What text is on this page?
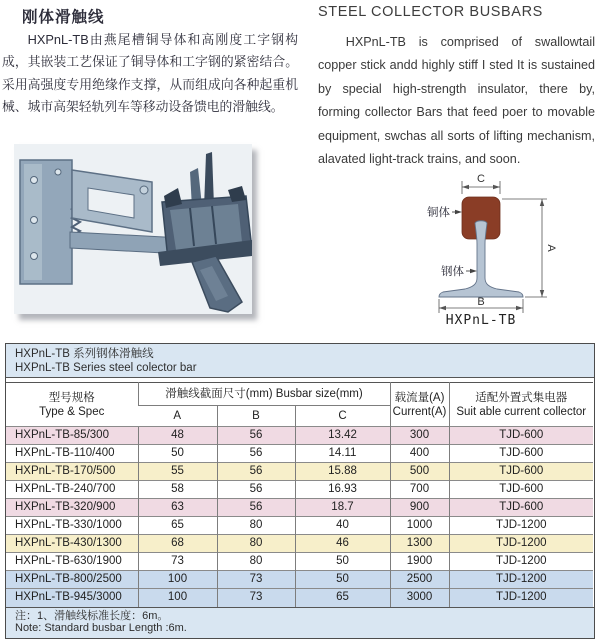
刚体滑触线	STEEL COLLECTOR BUSBARS
HXPnL-TB由燕尾槽铜导体和高刚度工字钢构成，其嵌装工艺保证了铜导体和工字钢的紧密结合。采用高强度专用绝缘作支撑，从而组成向各种起重机械、城市高架轻轨列车等移动设备馈电的滑触线。
HXPnL-TB is comprised of swallowtail copper stick andd highly stiff I sted It is sustained by special high-strength insulator, there by, forming collector Bars that feed poer to movable equipment, swchas all sorts of lifting mechanism, alavated light-track trains, and soon.
C
A
B
铜体
钢体
HXPnL-TB
HXPnL-TB 系列钢体滑触线
HXPnL-TB Series steel colector bar
型号规格
Type & Spec
	滑触线截面尺寸(mm) Busbar size(mm)	载流量(A)
Current(A)

适配外置式集电器
Suit able current collector

	A	B	C		
HXPnL-TB-85/300	48	56	13.42	300	TJD-600
HXPnL-TB-110/400	50	56	14.11	400	TJD-600
HXPnL-TB-170/500	55	56	15.88	500	TJD-600
HXPnL-TB-240/700	58	56	16.93	700	TJD-600
HXPnL-TB-320/900	63	56	18.7	900	TJD-600
HXPnL-TB-330/1000	65	80	40	1000	TJD-1200
HXPnL-TB-430/1300	68	80	46	1300	TJD-1200
HXPnL-TB-630/1900	73	80	50	1900	TJD-1200
HXPnL-TB-800/2500	100	73	50	2500	TJD-1200
HXPnL-TB-945/3000	100	73	65	3000	TJD-1200
注：1、滑触线标准长度：6m。
Note: Standard busbar Length :6m.
